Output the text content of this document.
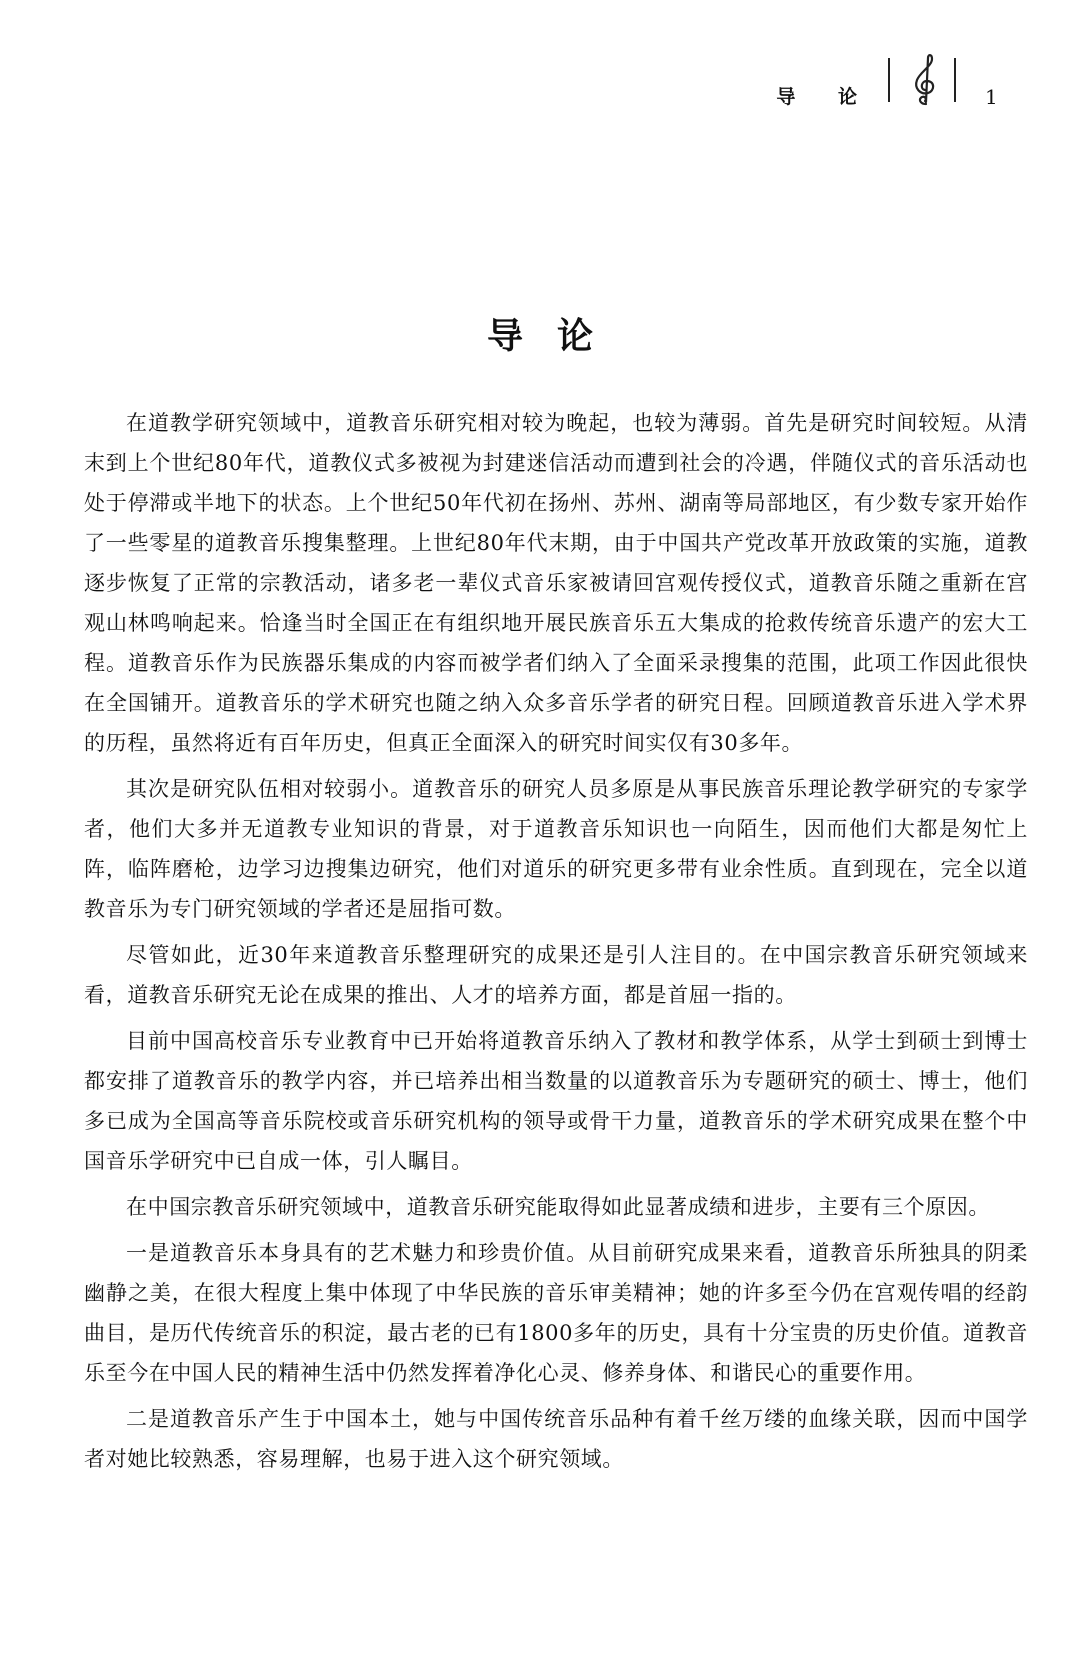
导 论	1
导论

在道教学研究领域中，道教音乐研究相对较为晚起，也较为薄弱。首先是研究时间较短。从清末到上个世纪80年代，道教仪式多被视为封建迷信活动而遭到社会的冷遇，伴随仪式的音乐活动也处于停滞或半地下的状态。上个世纪50年代初在扬州、苏州、湖南等局部地区，有少数专家开始作了一些零星的道教音乐搜集整理。上世纪80年代末期，由于中国共产党改革开放政策的实施，道教逐步恢复了正常的宗教活动，诸多老一辈仪式音乐家被请回宫观传授仪式，道教音乐随之重新在宫观山林鸣响起来。恰逢当时全国正在有组织地开展民族音乐五大集成的抢救传统音乐遗产的宏大工程。道教音乐作为民族器乐集成的内容而被学者们纳入了全面采录搜集的范围，此项工作因此很快在全国铺开。道教音乐的学术研究也随之纳入众多音乐学者的研究日程。回顾道教音乐进入学术界的历程，虽然将近有百年历史，但真正全面深入的研究时间实仅有30多年。

其次是研究队伍相对较弱小。道教音乐的研究人员多原是从事民族音乐理论教学研究的专家学者，他们大多并无道教专业知识的背景，对于道教音乐知识也一向陌生，因而他们大都是匆忙上阵，临阵磨枪，边学习边搜集边研究，他们对道乐的研究更多带有业余性质。直到现在，完全以道教音乐为专门研究领域的学者还是屈指可数。

尽管如此，近30年来道教音乐整理研究的成果还是引人注目的。在中国宗教音乐研究领域来看，道教音乐研究无论在成果的推出、人才的培养方面，都是首屈一指的。

目前中国高校音乐专业教育中已开始将道教音乐纳入了教材和教学体系，从学士到硕士到博士都安排了道教音乐的教学内容，并已培养出相当数量的以道教音乐为专题研究的硕士、博士，他们多已成为全国高等音乐院校或音乐研究机构的领导或骨干力量，道教音乐的学术研究成果在整个中国音乐学研究中已自成一体，引人瞩目。

在中国宗教音乐研究领域中，道教音乐研究能取得如此显著成绩和进步，主要有三个原因。

一是道教音乐本身具有的艺术魅力和珍贵价值。从目前研究成果来看，道教音乐所独具的阴柔幽静之美，在很大程度上集中体现了中华民族的音乐审美精神；她的许多至今仍在宫观传唱的经韵曲目，是历代传统音乐的积淀，最古老的已有1800多年的历史，具有十分宝贵的历史价值。道教音乐至今在中国人民的精神生活中仍然发挥着净化心灵、修养身体、和谐民心的重要作用。

二是道教音乐产生于中国本土，她与中国传统音乐品种有着千丝万缕的血缘关联，因而中国学者对她比较熟悉，容易理解，也易于进入这个研究领域。
